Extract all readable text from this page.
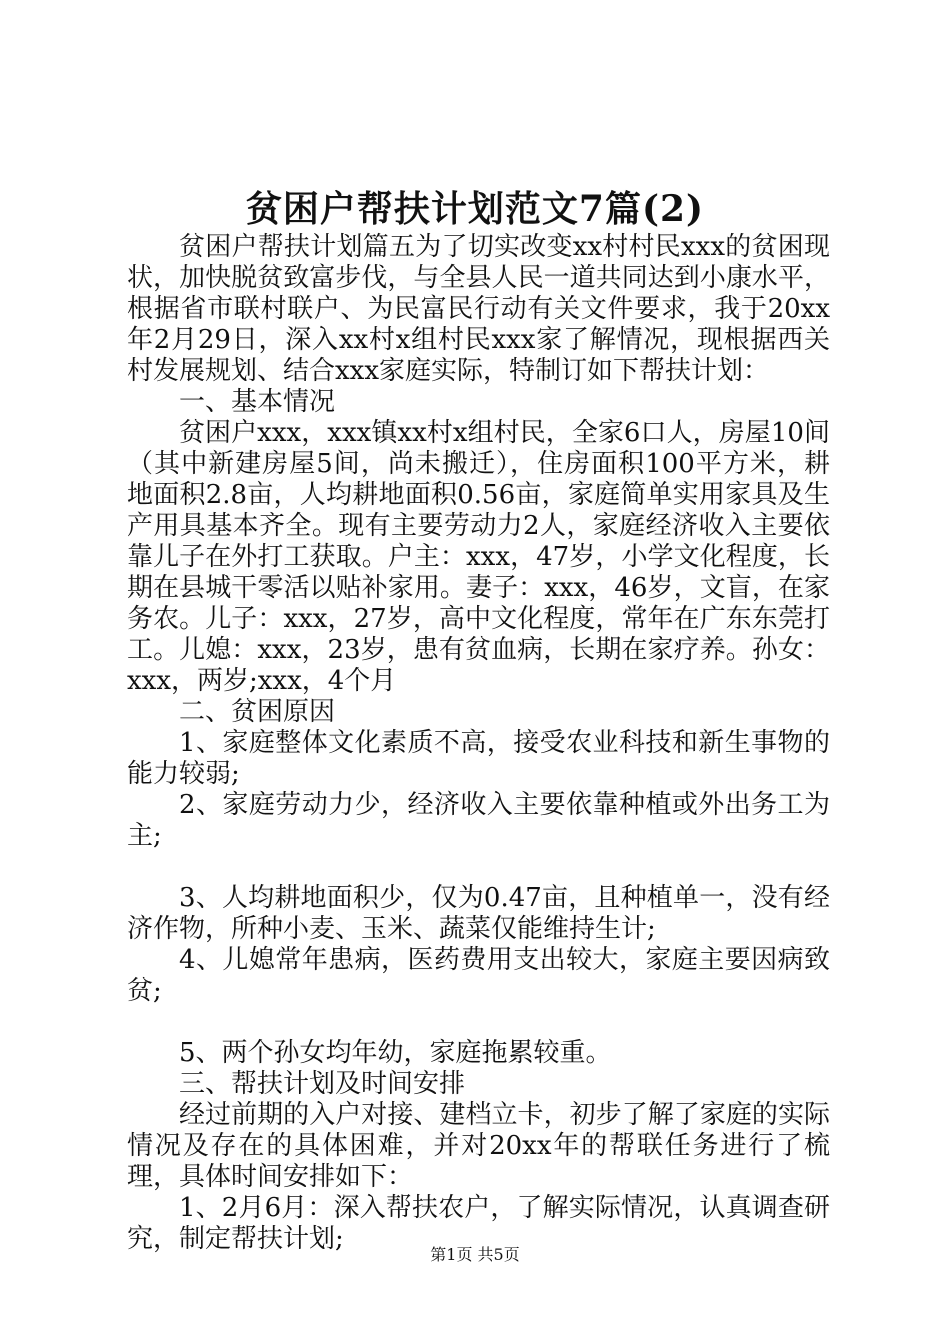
贫困户帮扶计划范文7篇(2)

贫困户帮扶计划篇五为了切实改变xx村村民xxx的贫困现状，加快脱贫致富步伐，与全县人民一道共同达到小康水平，根据省市联村联户、为民富民行动有关文件要求，我于20xx年2月29日，深入xx村x组村民xxx家了解情况，现根据西关村发展规划、结合xxx家庭实际，特制订如下帮扶计划：

一、基本情况

贫困户xxx，xxx镇xx村x组村民，全家6口人，房屋10间（其中新建房屋5间，尚未搬迁），住房面积100平方米，耕地面积2.8亩，人均耕地面积0.56亩，家庭简单实用家具及生产用具基本齐全。现有主要劳动力2人，家庭经济收入主要依靠儿子在外打工获取。户主：xxx，47岁，小学文化程度，长期在县城干零活以贴补家用。妻子：xxx，46岁，文盲，在家务农。儿子：xxx，27岁，高中文化程度，常年在广东东莞打工。儿媳：xxx，23岁，患有贫血病，长期在家疗养。孙女：xxx，两岁;xxx，4个月

二、贫困原因

1、家庭整体文化素质不高，接受农业科技和新生事物的能力较弱;

2、家庭劳动力少，经济收入主要依靠种植或外出务工为主;

3、人均耕地面积少，仅为0.47亩，且种植单一，没有经济作物，所种小麦、玉米、蔬菜仅能维持生计;

4、儿媳常年患病，医药费用支出较大，家庭主要因病致贫;

5、两个孙女均年幼，家庭拖累较重。

三、帮扶计划及时间安排

经过前期的入户对接、建档立卡，初步了解了家庭的实际情况及存在的具体困难，并对20xx年的帮联任务进行了梳理，具体时间安排如下：

1、2月6月：深入帮扶农户，了解实际情况，认真调查研究，制定帮扶计划;

第1页 共5页
